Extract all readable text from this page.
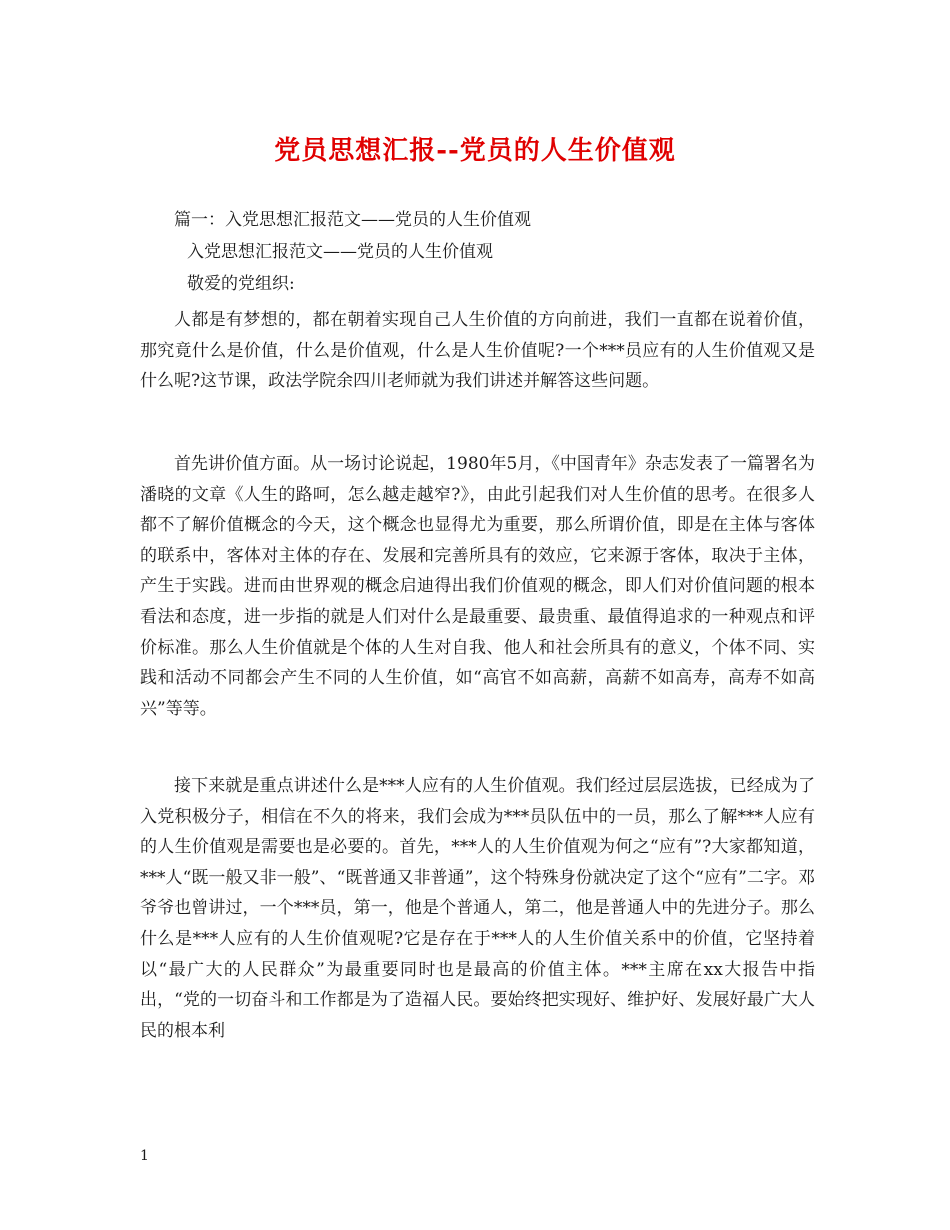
党员思想汇报--党员的人生价值观

篇一：入党思想汇报范文——党员的人生价值观

入党思想汇报范文——党员的人生价值观

敬爱的党组织:

人都是有梦想的，都在朝着实现自己人生价值的方向前进，我们一直都在说着价值，那究竟什么是价值，什么是价值观，什么是人生价值呢?一个***员应有的人生价值观又是什么呢?这节课，政法学院余四川老师就为我们讲述并解答这些问题。

首先讲价值方面。从一场讨论说起，1980年5月，《中国青年》杂志发表了一篇署名为潘晓的文章《人生的路呵，怎么越走越窄?》，由此引起我们对人生价值的思考。在很多人都不了解价值概念的今天，这个概念也显得尤为重要，那么所谓价值，即是在主体与客体的联系中，客体对主体的存在、发展和完善所具有的效应，它来源于客体，取决于主体，产生于实践。进而由世界观的概念启迪得出我们价值观的概念，即人们对价值问题的根本看法和态度，进一步指的就是人们对什么是最重要、最贵重、最值得追求的一种观点和评价标准。那么人生价值就是个体的人生对自我、他人和社会所具有的意义，个体不同、实践和活动不同都会产生不同的人生价值，如“高官不如高薪，高薪不如高寿，高寿不如高兴”等等。

接下来就是重点讲述什么是***人应有的人生价值观。我们经过层层选拔，已经成为了入党积极分子，相信在不久的将来，我们会成为***员队伍中的一员，那么了解***人应有的人生价值观是需要也是必要的。首先，***人的人生价值观为何之“应有”?大家都知道，***人“既一般又非一般”、“既普通又非普通”，这个特殊身份就决定了这个“应有”二字。邓爷爷也曾讲过，一个***员，第一，他是个普通人，第二，他是普通人中的先进分子。那么什么是***人应有的人生价值观呢?它是存在于***人的人生价值关系中的价值，它坚持着以“最广大的人民群众”为最重要同时也是最高的价值主体。***主席在xx大报告中指出，“党的一切奋斗和工作都是为了造福人民。要始终把实现好、维护好、发展好最广大人民的根本利

1
